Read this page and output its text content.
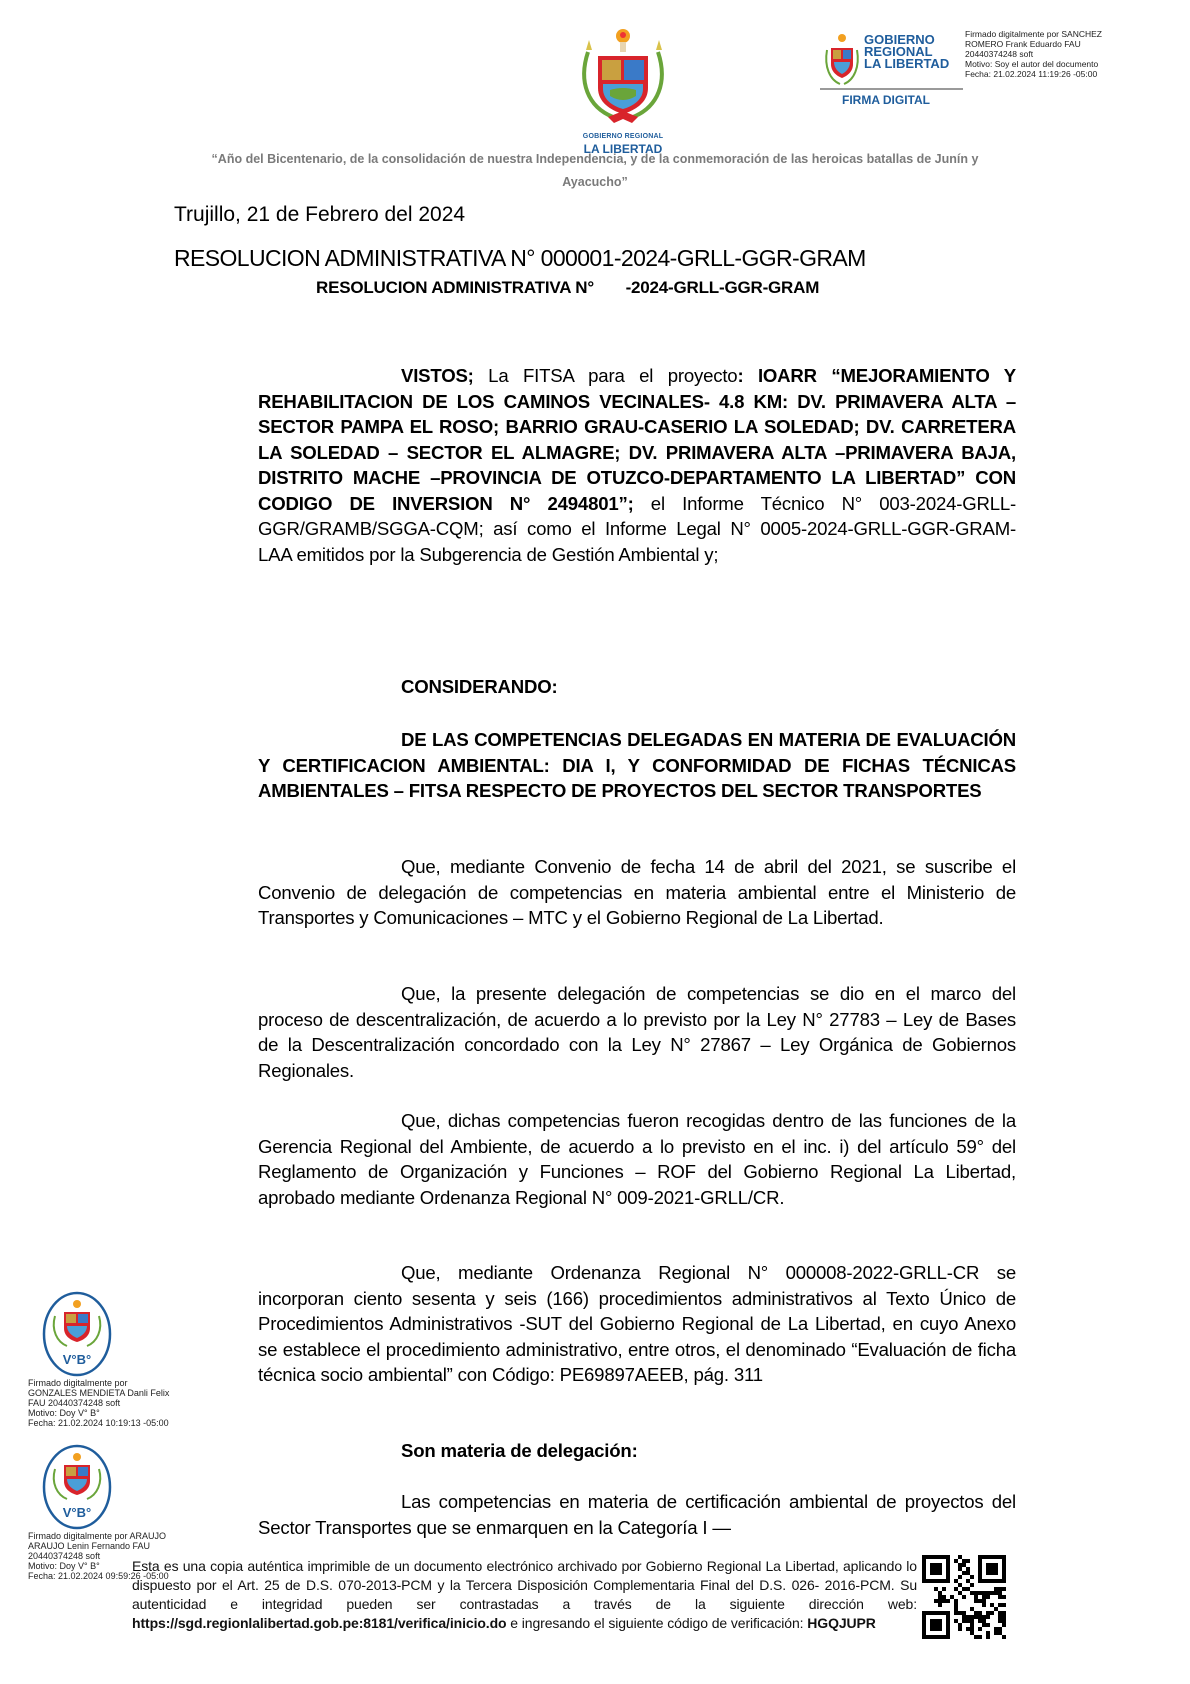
GOBIERNO REGIONAL
LA LIBERTAD
GOBIERNO
REGIONAL
LA LIBERTAD
FIRMA DIGITAL
Firmado digitalmente por SANCHEZ
ROMERO Frank Eduardo FAU
20440374248 soft
Motivo: Soy el autor del documento
Fecha: 21.02.2024 11:19:26 -05:00
“Año del Bicentenario, de la consolidación de nuestra Independencia, y de la conmemoración de las heroicas batallas de Junín y
Ayacucho”
Trujillo, 21 de Febrero del 2024
RESOLUCION ADMINISTRATIVA N° 000001-2024-GRLL-GGR-GRAM
RESOLUCION ADMINISTRATIVA N°       -2024-GRLL-GGR-GRAM
VISTOS; La FITSA para el proyecto: IOARR “MEJORAMIENTO Y REHABILITACION DE LOS CAMINOS VECINALES- 4.8 KM: DV. PRIMAVERA ALTA –SECTOR PAMPA EL ROSO; BARRIO GRAU-CASERIO LA SOLEDAD; DV. CARRETERA LA SOLEDAD – SECTOR EL ALMAGRE; DV. PRIMAVERA ALTA –PRIMAVERA BAJA, DISTRITO MACHE –PROVINCIA DE OTUZCO-DEPARTAMENTO LA LIBERTAD” CON CODIGO DE INVERSION N° 2494801”; el Informe Técnico N° 003-2024-GRLL-GGR/GRAMB/SGGA-CQM; así como el Informe Legal N° 0005-2024-GRLL-GGR-GRAM-LAA emitidos por la Subgerencia de Gestión Ambiental y;
CONSIDERANDO:
DE LAS COMPETENCIAS DELEGADAS EN MATERIA DE EVALUACIÓN Y CERTIFICACION AMBIENTAL: DIA I, Y CONFORMIDAD DE FICHAS TÉCNICAS AMBIENTALES – FITSA RESPECTO DE PROYECTOS DEL SECTOR TRANSPORTES
Que, mediante Convenio de fecha 14 de abril del 2021, se suscribe el Convenio de delegación de competencias en materia ambiental entre el Ministerio de Transportes y Comunicaciones – MTC y el Gobierno Regional de La Libertad.
Que, la presente delegación de competencias se dio en el marco del proceso de descentralización, de acuerdo a lo previsto por la Ley N° 27783 – Ley de Bases de la Descentralización concordado con la Ley N° 27867 – Ley Orgánica de Gobiernos Regionales.
Que, dichas competencias fueron recogidas dentro de las funciones de la Gerencia Regional del Ambiente, de acuerdo a lo previsto en el inc. i) del artículo 59° del Reglamento de Organización y Funciones – ROF del Gobierno Regional La Libertad, aprobado mediante Ordenanza Regional N° 009-2021-GRLL/CR.
Que, mediante Ordenanza Regional N° 000008-2022-GRLL-CR se incorporan ciento sesenta y seis (166) procedimientos administrativos al Texto Único de Procedimientos Administrativos -SUT del Gobierno Regional de La Libertad, en cuyo Anexo se establece el procedimiento administrativo, entre otros, el denominado “Evaluación de ficha técnica socio ambiental” con Código: PE69897AEEB, pág. 311
Son materia de delegación:
Las competencias en materia de certificación ambiental de proyectos del Sector Transportes que se enmarquen en la Categoría I —
V°B°
Firmado digitalmente por
GONZALES MENDIETA Danli Felix
FAU 20440374248 soft
Motivo: Doy V° B°
Fecha: 21.02.2024 10:19:13 -05:00
V°B°
Firmado digitalmente por ARAUJO
ARAUJO Lenin Fernando FAU
20440374248 soft
Motivo: Doy V° B°
Fecha: 21.02.2024 09:59:26 -05:00
Esta es una copia auténtica imprimible de un documento electrónico archivado por Gobierno Regional La Libertad, aplicando lo dispuesto por el Art. 25 de D.S. 070-2013-PCM y la Tercera Disposición Complementaria Final del D.S. 026- 2016-PCM. Su autenticidad e integridad pueden ser contrastadas a través de la siguiente dirección web: https://sgd.regionlalibertad.gob.pe:8181/verifica/inicio.do e ingresando el siguiente código de verificación: HGQJUPR
